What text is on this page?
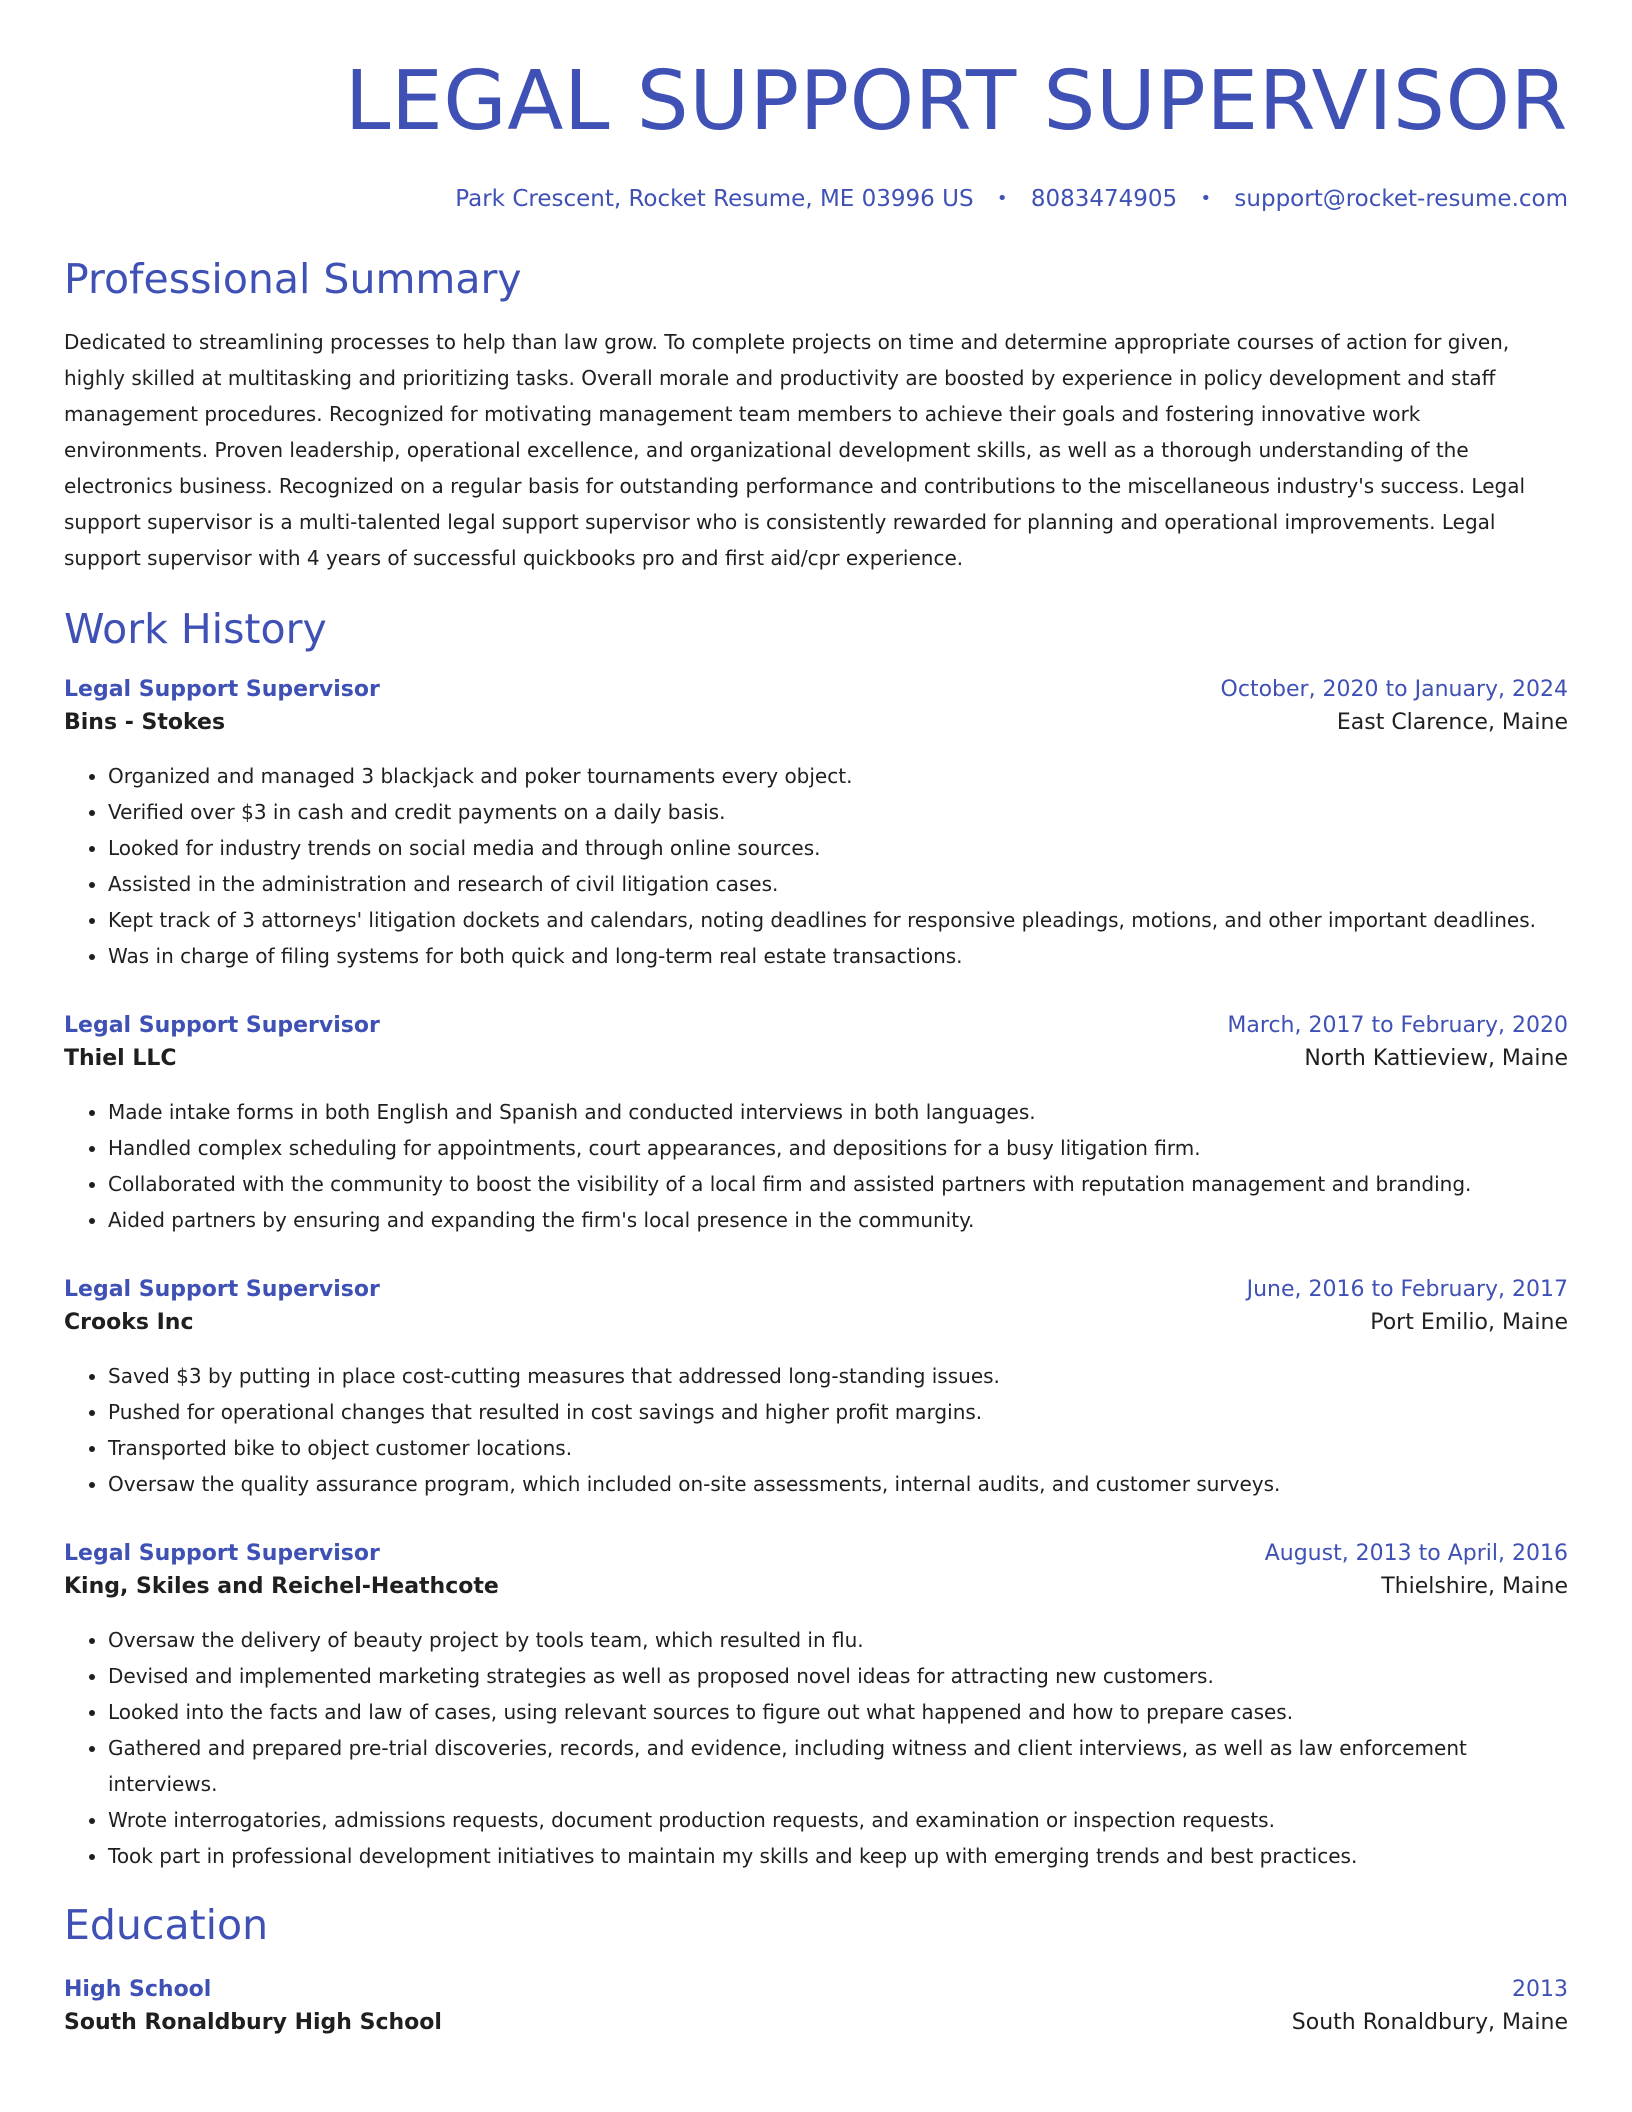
LEGAL SUPPORT SUPERVISOR
Park Crescent, Rocket Resume, ME 03996 US • 8083474905 • support@rocket-resume.com
Professional Summary
Dedicated to streamlining processes to help than law grow. To complete projects on time and determine appropriate courses of action for given, highly skilled at multitasking and prioritizing tasks. Overall morale and productivity are boosted by experience in policy development and staff management procedures. Recognized for motivating management team members to achieve their goals and fostering innovative work environments. Proven leadership, operational excellence, and organizational development skills, as well as a thorough understanding of the electronics business. Recognized on a regular basis for outstanding performance and contributions to the miscellaneous industry's success. Legal support supervisor is a multi-talented legal support supervisor who is consistently rewarded for planning and operational improvements. Legal support supervisor with 4 years of successful quickbooks pro and first aid/cpr experience.
Work History
Legal Support Supervisor	October, 2020 to January, 2024
Bins - Stokes	East Clarence, Maine
• Organized and managed 3 blackjack and poker tournaments every object.
• Verified over $3 in cash and credit payments on a daily basis.
• Looked for industry trends on social media and through online sources.
• Assisted in the administration and research of civil litigation cases.
• Kept track of 3 attorneys' litigation dockets and calendars, noting deadlines for responsive pleadings, motions, and other important deadlines.
• Was in charge of filing systems for both quick and long-term real estate transactions.
Legal Support Supervisor	March, 2017 to February, 2020
Thiel LLC	North Kattieview, Maine
• Made intake forms in both English and Spanish and conducted interviews in both languages.
• Handled complex scheduling for appointments, court appearances, and depositions for a busy litigation firm.
• Collaborated with the community to boost the visibility of a local firm and assisted partners with reputation management and branding.
• Aided partners by ensuring and expanding the firm's local presence in the community.
Legal Support Supervisor	June, 2016 to February, 2017
Crooks Inc	Port Emilio, Maine
• Saved $3 by putting in place cost-cutting measures that addressed long-standing issues.
• Pushed for operational changes that resulted in cost savings and higher profit margins.
• Transported bike to object customer locations.
• Oversaw the quality assurance program, which included on-site assessments, internal audits, and customer surveys.
Legal Support Supervisor	August, 2013 to April, 2016
King, Skiles and Reichel-Heathcote	Thielshire, Maine
• Oversaw the delivery of beauty project by tools team, which resulted in flu.
• Devised and implemented marketing strategies as well as proposed novel ideas for attracting new customers.
• Looked into the facts and law of cases, using relevant sources to figure out what happened and how to prepare cases.
• Gathered and prepared pre-trial discoveries, records, and evidence, including witness and client interviews, as well as law enforcement interviews.
• Wrote interrogatories, admissions requests, document production requests, and examination or inspection requests.
• Took part in professional development initiatives to maintain my skills and keep up with emerging trends and best practices.
Education
High School	2013
South Ronaldbury High School	South Ronaldbury, Maine
